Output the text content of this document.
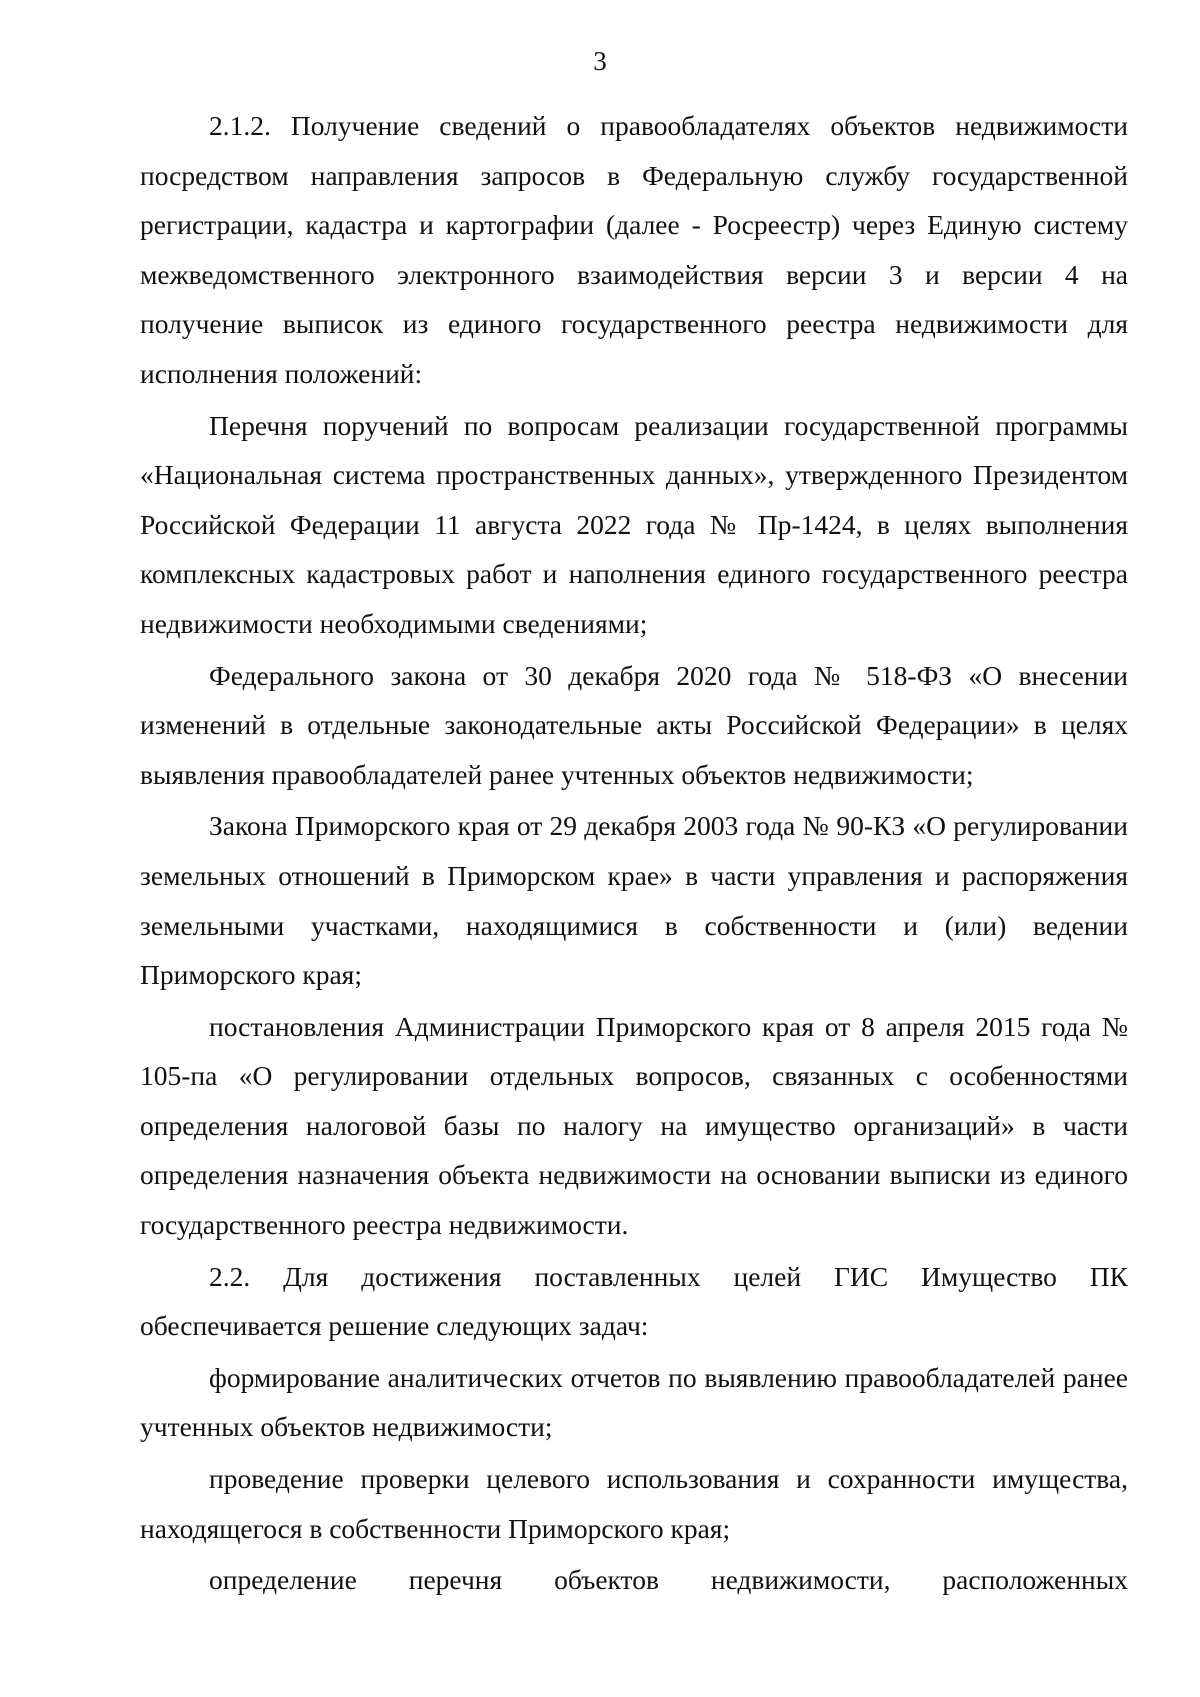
3

2.1.2. Получение сведений о правообладателях объектов недвижимости посредством направления запросов в Федеральную службу государственной регистрации, кадастра и картографии (далее - Росреестр) через Единую систему межведомственного электронного взаимодействия версии 3 и версии 4 на получение выписок из единого государственного реестра недвижимости для исполнения положений:

Перечня поручений по вопросам реализации государственной программы «Национальная система пространственных данных», утвержденного Президентом Российской Федерации 11 августа 2022 года № Пр-1424, в целях выполнения комплексных кадастровых работ и наполнения единого государственного реестра недвижимости необходимыми сведениями;

Федерального закона от 30 декабря 2020 года № 518-ФЗ «О внесении изменений в отдельные законодательные акты Российской Федерации» в целях выявления правообладателей ранее учтенных объектов недвижимости;

Закона Приморского края от 29 декабря 2003 года № 90-КЗ «О регулировании земельных отношений в Приморском крае» в части управления и распоряжения земельными участками, находящимися в собственности и (или) ведении Приморского края;

постановления Администрации Приморского края от 8 апреля 2015 года № 105-па «О регулировании отдельных вопросов, связанных с особенностями определения налоговой базы по налогу на имущество организаций» в части определения назначения объекта недвижимости на основании выписки из единого государственного реестра недвижимости.

2.2. Для достижения поставленных целей ГИС Имущество ПК обеспечивается решение следующих задач:

формирование аналитических отчетов по выявлению правообладателей ранее учтенных объектов недвижимости;

проведение проверки целевого использования и сохранности имущества, находящегося в собственности Приморского края;

определение перечня объектов недвижимости, расположенных
